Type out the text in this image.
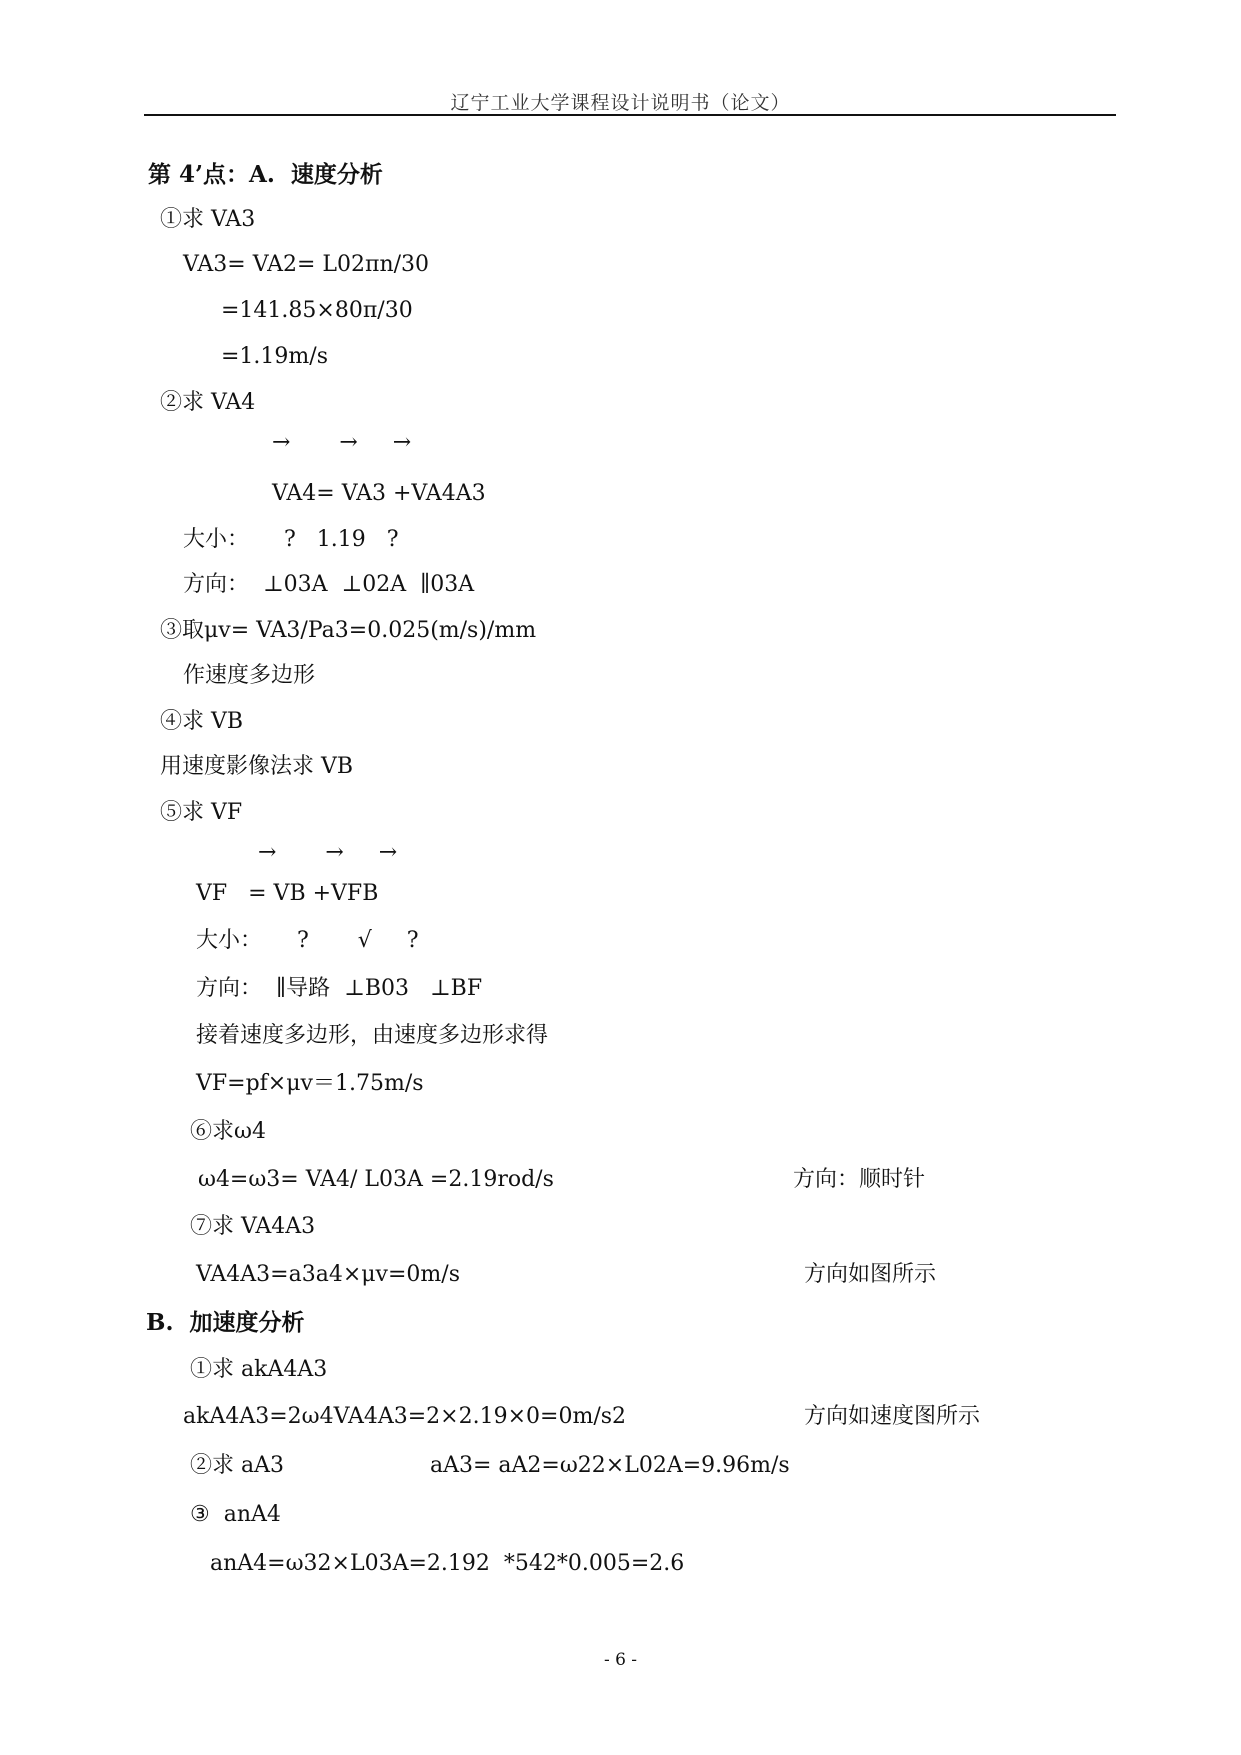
辽宁工业大学课程设计说明书（论文）
第 4’点：A.  速度分析
①求 VA3
VA3= VA2= L02πn/30
=141.85×80π/30
=1.19m/s
②求 VA4
→       →     →
VA4= VA3 +VA4A3
大小：     ?   1.19   ?
方向：  ⊥03A  ⊥02A  ∥03A
③取μv= VA3/Pa3=0.025(m/s)/mm
作速度多边形
④求 VB
用速度影像法求 VB
⑤求 VF
→       →     →
VF   = VB +VFB
大小：     ?       √     ?
方向：  ∥导路  ⊥B03   ⊥BF
接着速度多边形，由速度多边形求得
VF=pf×μv＝1.75m/s
⑥求ω4
ω4=ω3= VA4/ L03A =2.19rod/s	方向：顺时针
⑦求 VA4A3
VA4A3=a3a4×μv=0m/s	方向如图所示
B.  加速度分析
①求 akA4A3
akA4A3=2ω4VA4A3=2×2.19×0=0m/s2	方向如速度图所示
②求 aA3	aA3= aA2=ω22×L02A=9.96m/s
③  anA4
anA4=ω32×L03A=2.192  *542*0.005=2.6
- 6 -
